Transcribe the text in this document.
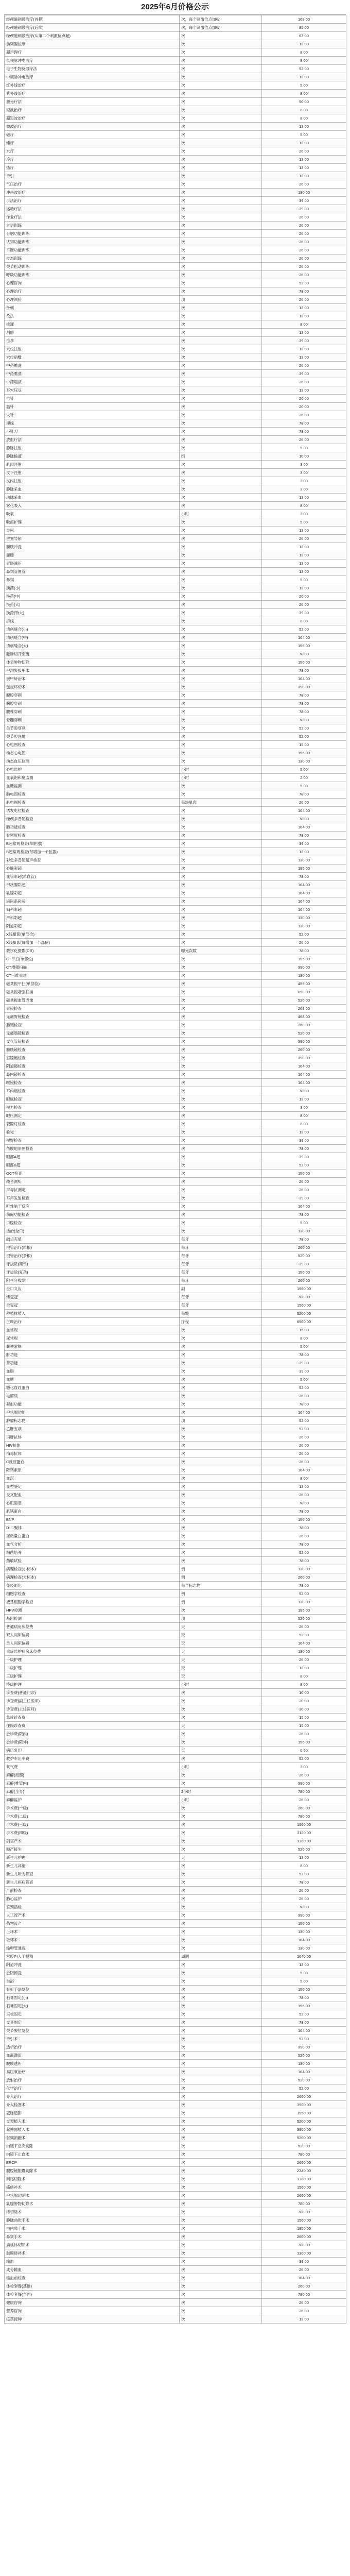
2025年6月价格公示
经颅磁刺激治疗(首程)	次，每个刺激位点加收	169.00
经颅磁刺激治疗(后续)	次，每个刺激位点加收	85.00
经颅磁刺激治疗(从第二个刺激位点起)	次	63.00
前列腺按摩	次	13.00
超声理疗	次	8.00
低频脉冲电治疗	次	9.00
电子生物反馈疗法	次	52.00
中频脉冲电治疗	次	13.00
红外线治疗	次	5.00
紫外线治疗	次	8.00
激光疗法	次	50.00
短波治疗	次	8.00
超短波治疗	次	8.00
微波治疗	次	13.00
磁疗	次	5.00
蜡疗	次	13.00
水疗	次	26.00
冷疗	次	13.00
热疗	次	13.00
牵引	次	13.00
气压治疗	次	26.00
冲击波治疗	次	130.00
手法治疗	次	39.00
运动疗法	次	39.00
作业疗法	次	26.00
言语训练	次	26.00
吞咽功能训练	次	26.00
认知功能训练	次	26.00
平衡功能训练	次	26.00
步态训练	次	26.00
关节松动训练	次	26.00
呼吸功能训练	次	26.00
心理咨询	次	52.00
心理治疗	次	78.00
心理测验	项	26.00
针刺	次	13.00
灸法	次	13.00
拔罐	次	8.00
刮痧	次	13.00
推拿	次	39.00
穴位注射	次	13.00
穴位贴敷	次	13.00
中药熏洗	次	26.00
中药熏蒸	次	39.00
中药塌渍	次	26.00
耳穴压豆	次	13.00
电针	次	20.00
温针	次	20.00
火针	次	26.00
埋线	次	78.00
小针刀	次	78.00
放血疗法	次	26.00
静脉注射	次	5.00
静脉输液	组	10.00
肌肉注射	次	3.00
皮下注射	次	3.00
皮内注射	次	3.00
静脉采血	次	3.00
动脉采血	次	13.00
雾化吸入	次	8.00
吸氧	小时	3.00
吸痰护理	次	5.00
导尿	次	13.00
留置导尿	次	26.00
膀胱冲洗	次	13.00
灌肠	次	13.00
胃肠减压	次	13.00
鼻饲管置管	次	13.00
鼻饲	次	5.00
换药(小)	次	13.00
换药(中)	次	20.00
换药(大)	次	26.00
换药(特大)	次	39.00
拆线	次	8.00
清创缝合(小)	次	52.00
清创缝合(中)	次	104.00
清创缝合(大)	次	156.00
脓肿切开引流	次	78.00
体表肿物切除	次	156.00
甲沟炎拔甲术	次	78.00
嵌甲矫治术	次	104.00
包皮环切术	次	390.00
腹腔穿刺	次	78.00
胸腔穿刺	次	78.00
腰椎穿刺	次	78.00
骨髓穿刺	次	78.00
关节腔穿刺	次	52.00
关节腔注射	次	52.00
心电图检查	次	15.00
动态心电图	次	156.00
动态血压监测	次	130.00
心电监护	小时	5.00
血氧饱和度监测	小时	2.00
血糖监测	次	5.00
脑电图检查	次	78.00
肌电图检查	每块肌肉	26.00
诱发电位检查	次	104.00
经颅多普勒检查	次	78.00
肺功能检查	次	104.00
骨密度检查	次	78.00
B超常规检查(单脏器)	次	39.00
B超常规检查(每增加一个脏器)	次	13.00
彩色多普勒超声检查	次	130.00
心脏彩超	次	195.00
血管彩超(单血管)	次	78.00
甲状腺彩超	次	104.00
乳腺彩超	次	104.00
泌尿系彩超	次	104.00
妇科彩超	次	104.00
产科彩超	次	130.00
阴道彩超	次	130.00
X线摄影(单部位)	次	52.00
X线摄影(每增加一个部位)	次	26.00
数字化摄影(DR)	曝光次数	78.00
CT平扫(单部位)	次	195.00
CT增强扫描	次	390.00
CT三维重建	次	130.00
磁共振平扫(单部位)	次	455.00
磁共振增强扫描	次	650.00
磁共振血管成像	次	520.00
胃镜检查	次	208.00
无痛胃镜检查	次	468.00
肠镜检查	次	260.00
无痛肠镜检查	次	520.00
支气管镜检查	次	390.00
膀胱镜检查	次	260.00
宫腔镜检查	次	390.00
阴道镜检查	次	104.00
鼻内镜检查	次	104.00
喉镜检查	次	104.00
耳内镜检查	次	78.00
眼底检查	次	13.00
视力检查	次	3.00
眼压测定	次	8.00
裂隙灯检查	次	8.00
验光	次	13.00
视野检查	次	39.00
角膜地形图检查	次	78.00
眼部A超	次	39.00
眼部B超	次	52.00
OCT检查	次	156.00
纯音测听	次	26.00
声导抗测定	次	26.00
耳声发射检查	次	39.00
听性脑干反应	次	104.00
前庭功能检查	次	78.00
口腔检查	次	5.00
洁治(全口)	次	130.00
龋齿充填	每牙	78.00
根管治疗(单根)	每牙	260.00
根管治疗(多根)	每牙	520.00
牙拔除(简单)	每牙	39.00
牙拔除(复杂)	每牙	156.00
阻生牙拔除	每牙	260.00
全口义齿	副	1560.00
烤瓷冠	每牙	780.00
全瓷冠	每牙	1560.00
种植体植入	每颗	5200.00
正畸治疗	疗程	6500.00
血常规	次	15.00
尿常规	次	8.00
粪便常规	次	5.00
肝功能	次	78.00
肾功能	次	39.00
血脂	次	39.00
血糖	次	5.00
糖化血红蛋白	次	52.00
电解质	次	26.00
凝血功能	次	78.00
甲状腺功能	次	104.00
肿瘤标志物	项	52.00
乙肝五项	次	52.00
丙肝抗体	次	26.00
HIV抗体	次	26.00
梅毒抗体	次	26.00
C反应蛋白	次	26.00
降钙素原	次	104.00
血沉	次	8.00
血型鉴定	次	13.00
交叉配血	次	26.00
心肌酶谱	次	78.00
肌钙蛋白	次	78.00
BNP	次	156.00
D-二聚体	次	78.00
尿微量白蛋白	次	26.00
血气分析	次	78.00
细菌培养	次	52.00
药敏试验	次	78.00
病理检查(小标本)	例	130.00
病理检查(大标本)	例	260.00
免疫组化	每个标志物	78.00
细胞学检查	例	52.00
液基细胞学检查	例	130.00
HPV检测	次	195.00
基因检测	项	520.00
普通病房床位费	天	26.00
双人间床位费	天	52.00
单人间床位费	天	104.00
重症监护病房床位费	天	130.00
一级护理	天	26.00
二级护理	天	13.00
三级护理	天	8.00
特级护理	小时	8.00
诊查费(普通门诊)	次	10.00
诊查费(副主任医师)	次	20.00
诊查费(主任医师)	次	30.00
急诊诊查费	次	15.00
住院诊查费	天	15.00
会诊费(院内)	次	26.00
会诊费(院外)	次	156.00
病历复印	页	0.50
救护车出车费	次	52.00
氧气费	小时	3.00
麻醉(局部)	次	26.00
麻醉(椎管内)	次	390.00
麻醉(全身)	2小时	780.00
麻醉监护	小时	26.00
手术费(一级)	次	260.00
手术费(二级)	次	780.00
手术费(三级)	次	1560.00
手术费(四级)	次	3120.00
剖宫产术	次	1300.00
顺产接生	次	520.00
新生儿护理	天	13.00
新生儿沐浴	次	8.00
新生儿听力筛查	次	52.00
新生儿疾病筛查	次	78.00
产前检查	次	26.00
胎心监护	次	26.00
宫颈活检	次	78.00
人工流产术	次	390.00
药物流产	次	156.00
上环术	次	130.00
取环术	次	104.00
输卵管通液	次	130.00
宫腔内人工授精	周期	1040.00
阴道冲洗	次	13.00
会阴擦洗	次	5.00
坐浴	次	5.00
骨折手法复位	次	156.00
石膏固定(小)	次	78.00
石膏固定(大)	次	156.00
夹板固定	次	52.00
支具固定	次	78.00
关节脱位复位	次	104.00
牵引术	次	52.00
透析治疗	次	390.00
血液灌流	次	520.00
腹膜透析	次	130.00
高压氧治疗	次	104.00
放射治疗	次	520.00
化学治疗	次	52.00
介入治疗	次	2600.00
介入栓塞术	次	3900.00
冠脉造影	次	1950.00
支架植入术	次	5200.00
起搏器植入术	次	3900.00
射频消融术	次	5200.00
内镜下息肉切除	次	520.00
内镜下止血术	次	780.00
ERCP	次	2600.00
腹腔镜胆囊切除术	次	2340.00
阑尾切除术	次	1300.00
疝修补术	次	1560.00
甲状腺切除术	次	2600.00
乳腺肿物切除术	次	780.00
痔切除术	次	780.00
静脉曲张手术	次	1560.00
白内障手术	次	1950.00
鼻窦手术	次	2600.00
扁桃体切除术	次	780.00
鼓膜修补术	次	1300.00
输血	次	39.00
成分输血	次	26.00
输血前检查	次	104.00
体检套餐(基础)	次	260.00
体检套餐(全面)	次	780.00
健康咨询	次	26.00
营养咨询	次	26.00
疫苗接种	次	13.00
